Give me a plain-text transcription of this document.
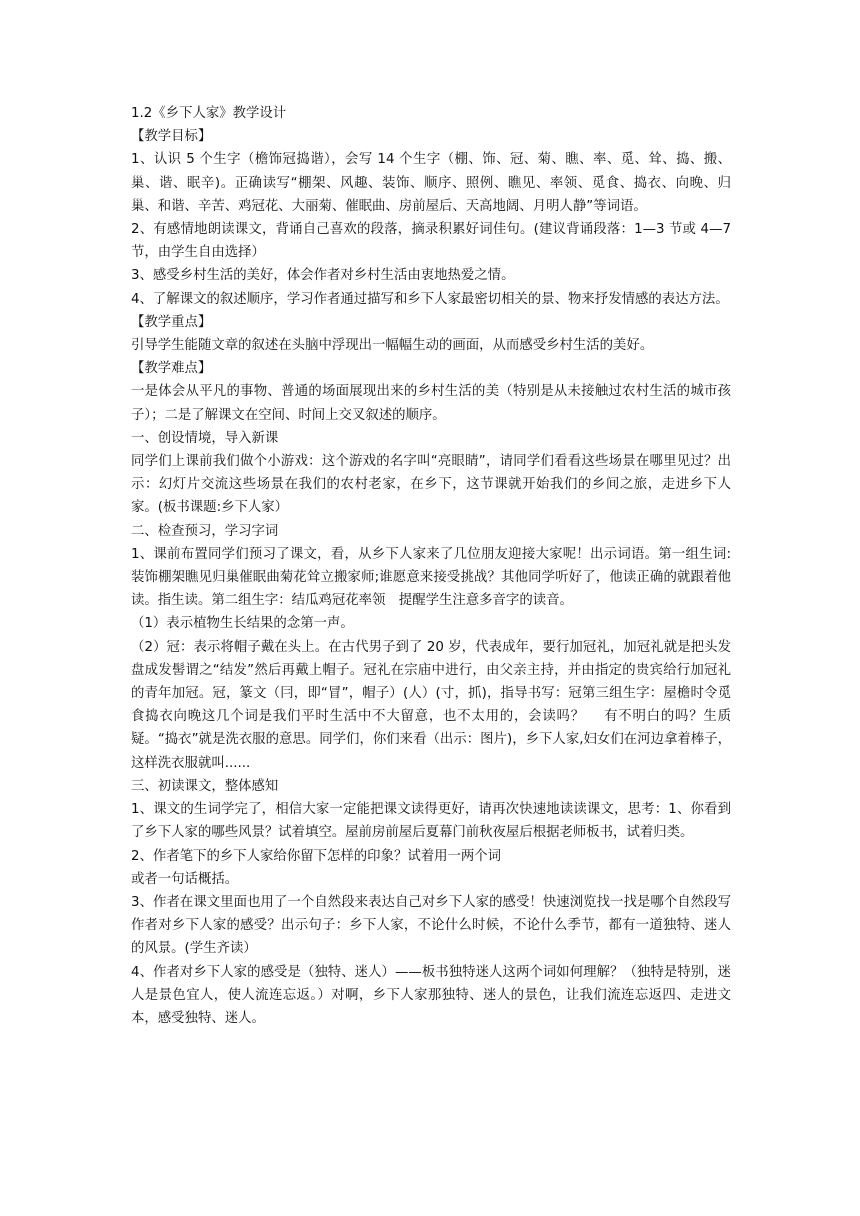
1.2《乡下人家》教学设计

【教学目标】

1、认识 5 个生字（檐饰冠捣谐），会写 14 个生字（棚、饰、冠、菊、瞧、率、觅、耸、捣、搬、巢、谐、眠辛)。正确读写“棚架、风趣、装饰、顺序、照例、瞧见、率领、觅食、捣衣、向晚、归巢、和谐、辛苦、鸡冠花、大丽菊、催眠曲、房前屋后、天高地阔、月明人静”等词语。

2、有感情地朗读课文，背诵自己喜欢的段落，摘录积累好词佳句。(建议背诵段落：1—3 节或 4—7 节，由学生自由选择）

3、感受乡村生活的美好，体会作者对乡村生活由衷地热爱之情。

4、了解课文的叙述顺序，学习作者通过描写和乡下人家最密切相关的景、物来抒发情感的表达方法。

【教学重点】

引导学生能随文章的叙述在头脑中浮现出一幅幅生动的画面，从而感受乡村生活的美好。

【教学难点】

一是体会从平凡的事物、普通的场面展现出来的乡村生活的美（特别是从未接触过农村生活的城市孩子）；二是了解课文在空间、时间上交叉叙述的顺序。

一、创设情境，导入新课

同学们上课前我们做个小游戏：这个游戏的名字叫“亮眼睛”，请同学们看看这些场景在哪里见过？出示：幻灯片交流这些场景在我们的农村老家，在乡下，这节课就开始我们的乡间之旅，走进乡下人家。(板书课题:乡下人家）

二、检查预习，学习字词

1、课前布置同学们预习了课文，看，从乡下人家来了几位朋友迎接大家呢！出示词语。第一组生词:装饰棚架瞧见归巢催眠曲菊花耸立搬家师;谁愿意来接受挑战？其他同学听好了，他读正确的就跟着他读。指生读。第二组生字：结瓜鸡冠花率领　提醒学生注意多音字的读音。

（1）表示植物生长结果的念第一声。

（2）冠：表示将帽子戴在头上。在古代男子到了 20 岁，代表成年，要行加冠礼，加冠礼就是把头发盘成发髻谓之“结发”然后再戴上帽子。冠礼在宗庙中进行，由父亲主持，并由指定的贵宾给行加冠礼的青年加冠。冠，篆文（冃，即“冒”，帽子）(人）(寸，抓)，指导书写：冠第三组生字：屋檐时令觅食捣衣向晚这几个词是我们平时生活中不大留意，也不太用的，会读吗？　 有不明白的吗？生质疑。“捣衣”就是洗衣服的意思。同学们，你们来看（出示：图片)，乡下人家,妇女们在河边拿着棒子，这样洗衣服就叫......

三、初读课文，整体感知

1、课文的生词学完了，相信大家一定能把课文读得更好，请再次快速地读读课文，思考：1、你看到了乡下人家的哪些风景？试着填空。屋前房前屋后夏幕门前秋夜屋后根据老师板书，试着归类。

2、作者笔下的乡下人家给你留下怎样的印象？试着用一两个词

或者一句话概括。

3、作者在课文里面也用了一个自然段来表达自己对乡下人家的感受！快速浏览找一找是哪个自然段写作者对乡下人家的感受？出示句子：乡下人家，不论什么时候，不论什么季节，都有一道独特、迷人的风景。(学生齐读）

4、作者对乡下人家的感受是（独特、迷人）——板书独特迷人这两个词如何理解？（独特是特别，迷人是景色宜人，使人流连忘返。）对啊，乡下人家那独特、迷人的景色，让我们流连忘返四、走进文本，感受独特、迷人。
